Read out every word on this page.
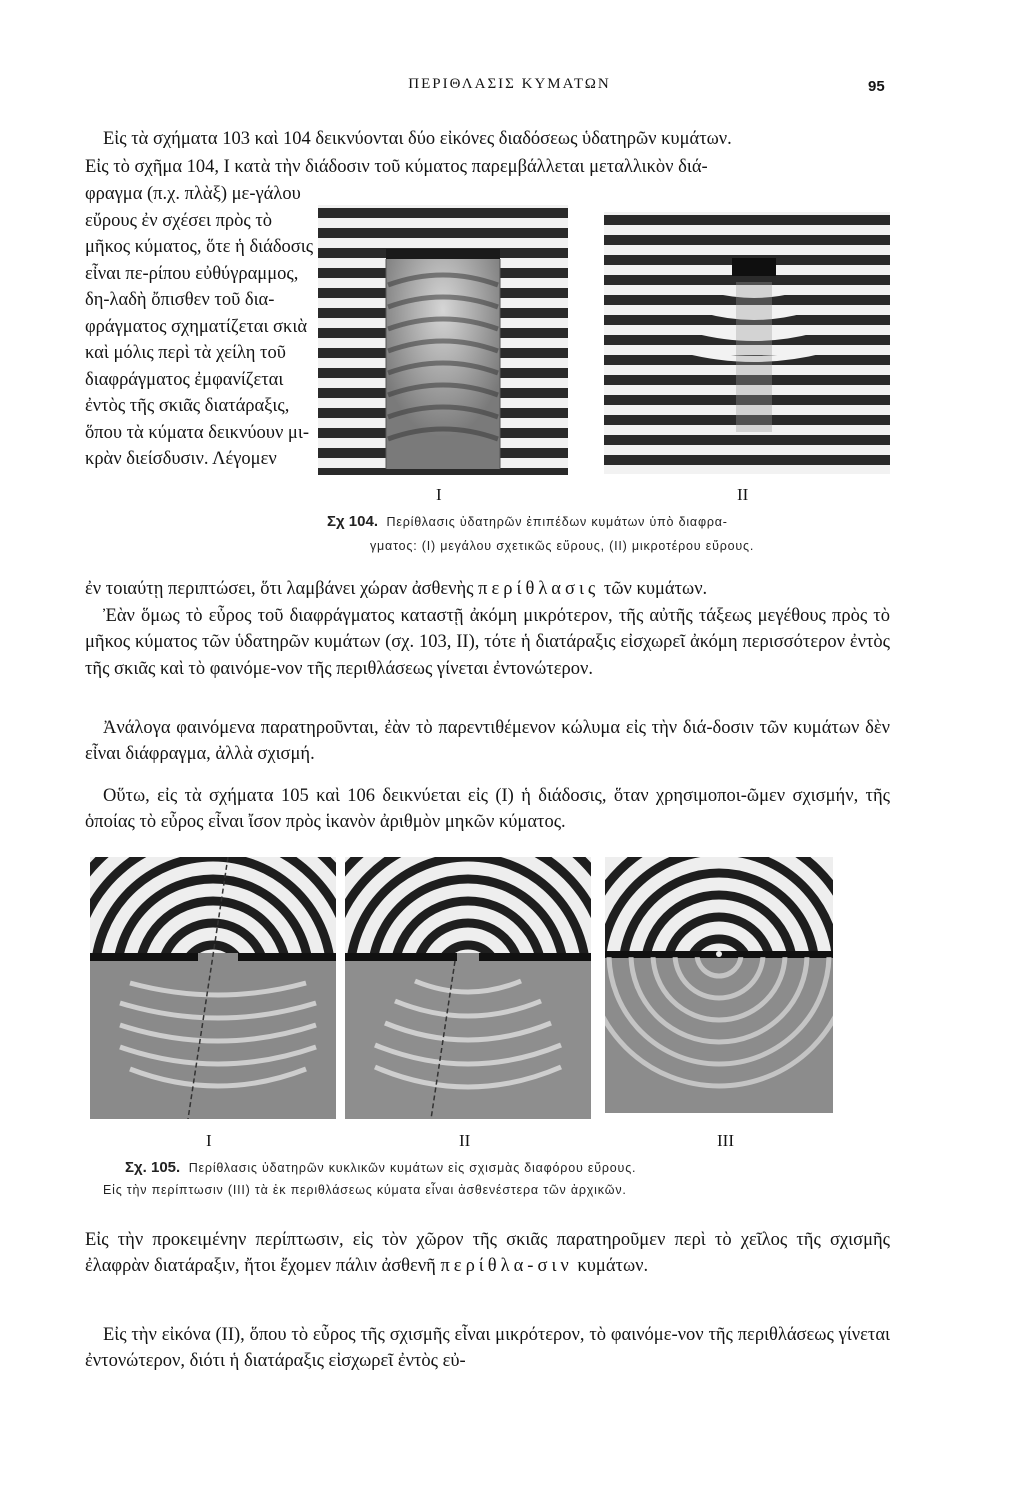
ΠΕΡΙΘΛΑΣΙΣ ΚΥΜΑΤΩΝ	95
Εἰς τὰ σχήματα 103 καὶ 104 δεικνύονται δύο εἰκόνες διαδόσεως ὑδατηρῶν κυμάτων.
Εἰς τὸ σχῆμα 104, I κατὰ τὴν διάδοσιν τοῦ κύματος παρεμβάλλεται μεταλλικὸν διά-
φραγμα (π.χ. πλὰξ) με-γάλου εὔρους ἐν σχέσει πρὸς τὸ μῆκος κύματος, ὅτε ἡ διάδοσις εἶναι πε-ρίπου εὐθύγραμμος, δη-λαδὴ ὄπισθεν τοῦ δια-φράγματος σχηματίζεται σκιὰ καὶ μόλις περὶ τὰ χείλη τοῦ διαφράγματος ἐμφανίζεται ἐντὸς τῆς σκιᾶς διατάραξις, ὅπου τὰ κύματα δεικνύουν μι-κρὰν διείσδυσιν. Λέγομεν
ἐν τοιαύτῃ περιπτώσει, ὅτι λαμβάνει χώραν ἀσθενὴς περίθλασις τῶν κυμάτων.
I	II
Σχ 104. Περίθλασις ὑδατηρῶν ἐπιπέδων κυμάτων ὑπὸ διαφρα-
γματος: (I) μεγάλου σχετικῶς εὔρους, (II) μικροτέρου εὔρους.
Ἐὰν ὅμως τὸ εὖρος τοῦ διαφράγματος καταστῇ ἀκόμη μικρότερον, τῆς αὐτῆς τάξεως μεγέθους πρὸς τὸ μῆκος κύματος τῶν ὑδατηρῶν κυμάτων (σχ. 103, II), τότε ἡ διατάραξις εἰσχωρεῖ ἀκόμη περισσότερον ἐντὸς τῆς σκιᾶς καὶ τὸ φαινόμε-νον τῆς περιθλάσεως γίνεται ἐντονώτερον.
Ἀνάλογα φαινόμενα παρατηροῦνται, ἐὰν τὸ παρεντιθέμενον κώλυμα εἰς τὴν διά-δοσιν τῶν κυμάτων δὲν εἶναι διάφραγμα, ἀλλὰ σχισμή.
Οὕτω, εἰς τὰ σχήματα 105 καὶ 106 δεικνύεται εἰς (I) ἡ διάδοσις, ὅταν χρησιμοποι-ῶμεν σχισμήν, τῆς ὁποίας τὸ εὖρος εἶναι ἴσον πρὸς ἱκανὸν ἀριθμὸν μηκῶν κύματος.
I	II	III
Σχ. 105. Περίθλασις ὑδατηρῶν κυκλικῶν κυμάτων εἰς σχισμὰς διαφόρου εὔρους.
Εἰς τὴν περίπτωσιν (III) τὰ ἐκ περιθλάσεως κύματα εἶναι ἀσθενέστερα τῶν ἀρχικῶν.
Εἰς τὴν προκειμένην περίπτωσιν, εἰς τὸν χῶρον τῆς σκιᾶς παρατηροῦμεν περὶ τὸ χεῖλος τῆς σχισμῆς ἐλαφρὰν διατάραξιν, ἤτοι ἔχομεν πάλιν ἀσθενῆ περίθλα-σιν κυμάτων.
Εἰς τὴν εἰκόνα (II), ὅπου τὸ εὖρος τῆς σχισμῆς εἶναι μικρότερον, τὸ φαινόμε-νον τῆς περιθλάσεως γίνεται ἐντονώτερον, διότι ἡ διατάραξις εἰσχωρεῖ ἐντὸς εὐ-
